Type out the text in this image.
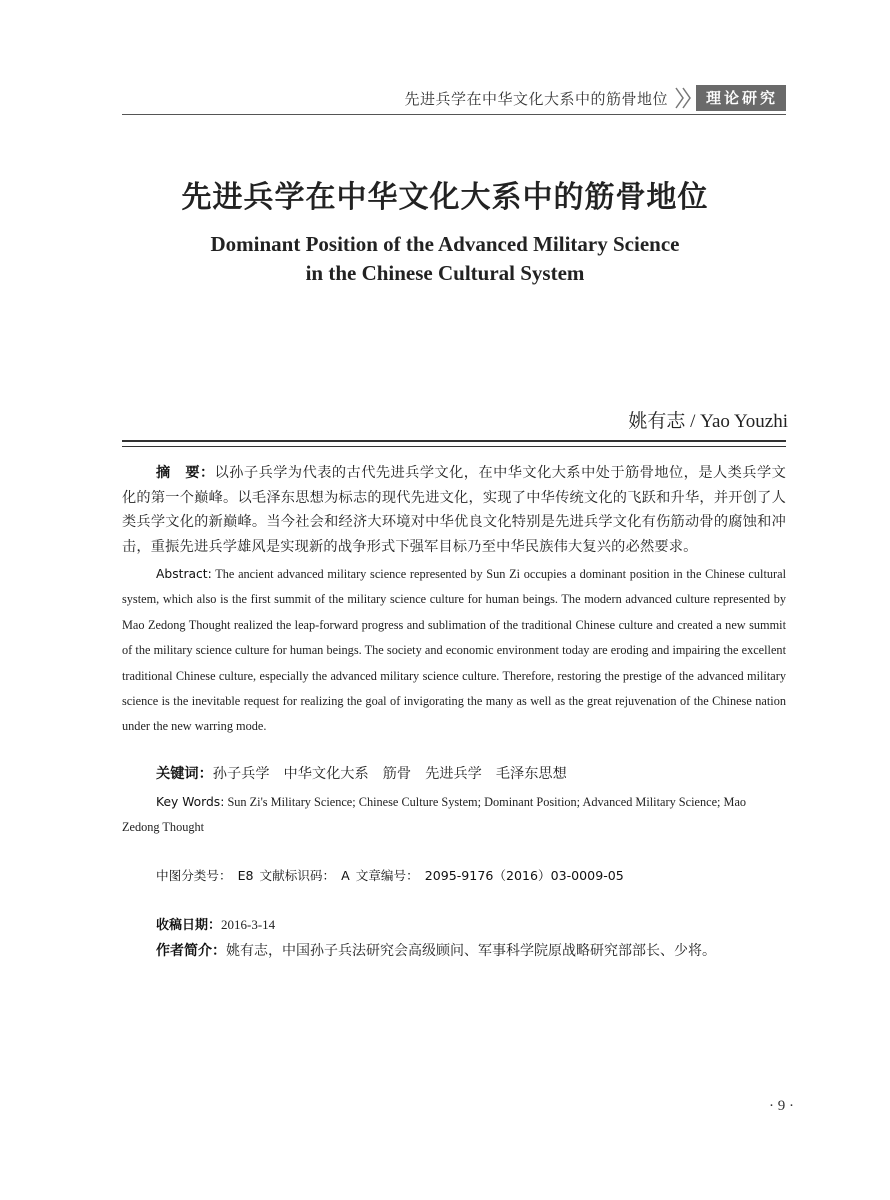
先进兵学在中华文化大系中的筋骨地位	理论研究
先进兵学在中华文化大系中的筋骨地位
Dominant Position of the Advanced Military Science
in the Chinese Cultural System
姚有志 / Yao Youzhi
摘　要：以孙子兵学为代表的古代先进兵学文化，在中华文化大系中处于筋骨地位，是人类兵学文化的第一个巅峰。以毛泽东思想为标志的现代先进文化，实现了中华传统文化的飞跃和升华，并开创了人类兵学文化的新巅峰。当今社会和经济大环境对中华优良文化特别是先进兵学文化有伤筋动骨的腐蚀和冲击，重振先进兵学雄风是实现新的战争形式下强军目标乃至中华民族伟大复兴的必然要求。
Abstract: The ancient advanced military science represented by Sun Zi occupies a dominant position in the Chinese cultural system, which also is the first summit of the military science culture for human beings. The modern advanced culture represented by Mao Zedong Thought realized the leap-forward progress and sublimation of the traditional Chinese culture and created a new summit of the military science culture for human beings. The society and economic environment today are eroding and impairing the excellent traditional Chinese culture, especially the advanced military science culture. Therefore, restoring the prestige of the advanced military science is the inevitable request for realizing the goal of invigorating the many as well as the great rejuvenation of the Chinese nation under the new warring mode.
关键词：孙子兵学 中华文化大系 筋骨 先进兵学 毛泽东思想
Key Words: Sun Zi's Military Science; Chinese Culture System; Dominant Position; Advanced Military Science; Mao Zedong Thought
中图分类号： E8 文献标识码： A 文章编号： 2095-9176（2016）03-0009-05
收稿日期：2016-3-14
作者简介：姚有志，中国孙子兵法研究会高级顾问、军事科学院原战略研究部部长、少将。
· 9 ·
